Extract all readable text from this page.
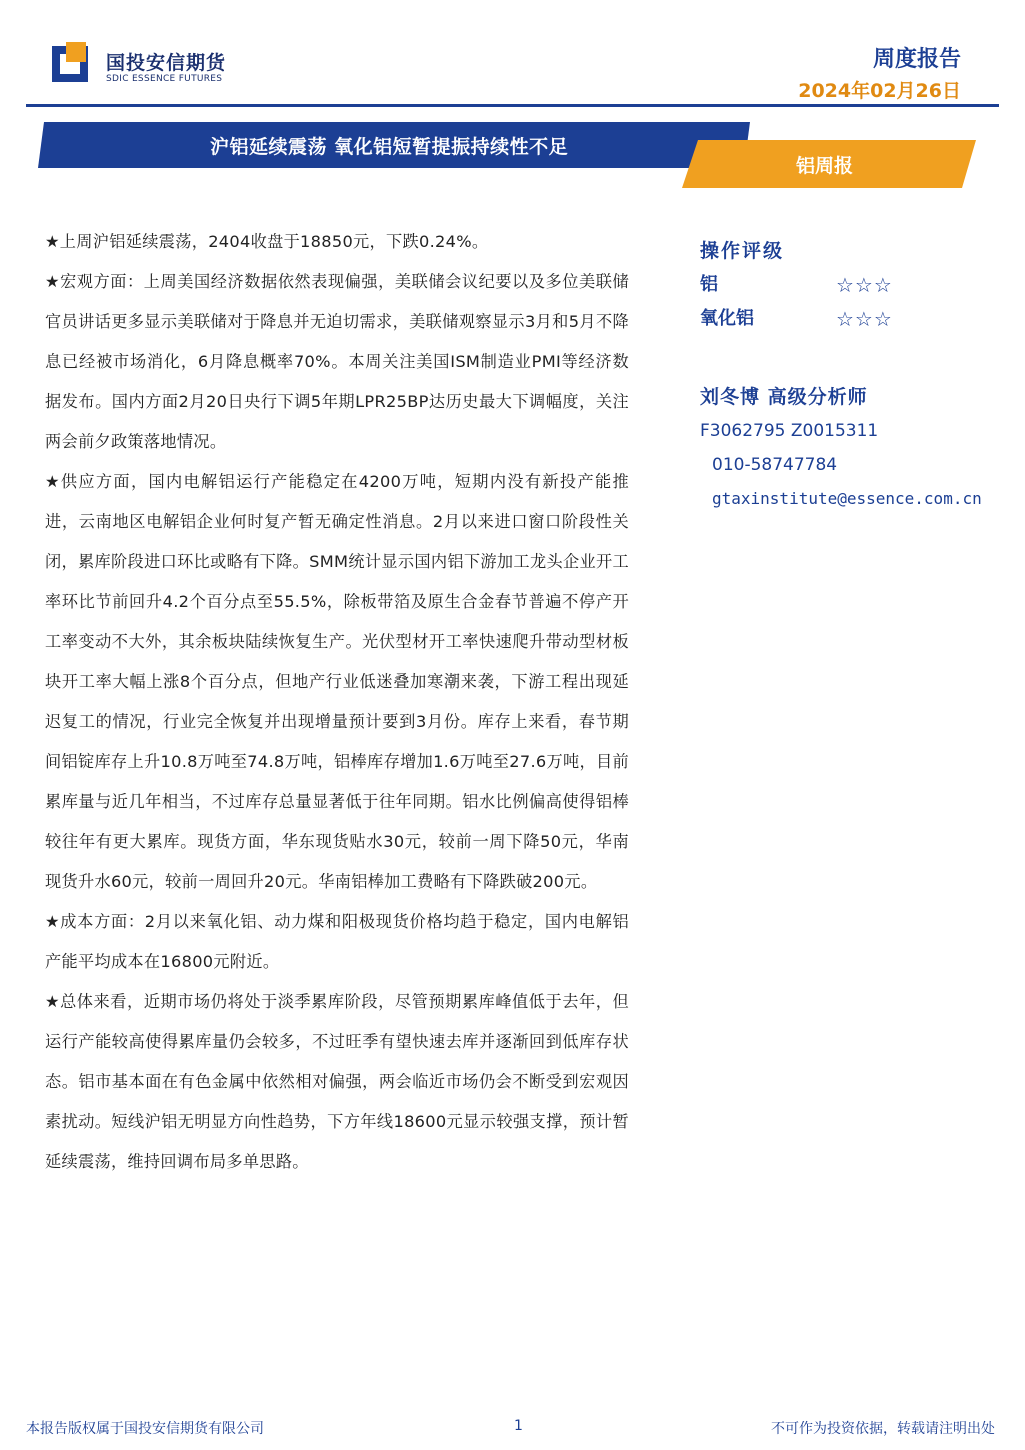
国投安信期货
SDIC ESSENCE FUTURES
周度报告
2024年02月26日
沪铝延续震荡 氧化铝短暂提振持续性不足
铝周报

★上周沪铝延续震荡，2404收盘于18850元，下跌0.24%。

★宏观方面：上周美国经济数据依然表现偏强，美联储会议纪要以及多位美联储官员讲话更多显示美联储对于降息并无迫切需求，美联储观察显示3月和5月不降息已经被市场消化，6月降息概率70%。本周关注美国ISM制造业PMI等经济数据发布。国内方面2月20日央行下调5年期LPR25BP达历史最大下调幅度，关注两会前夕政策落地情况。

★供应方面，国内电解铝运行产能稳定在4200万吨，短期内没有新投产能推进，云南地区电解铝企业何时复产暂无确定性消息。2月以来进口窗口阶段性关闭，累库阶段进口环比或略有下降。SMM统计显示国内铝下游加工龙头企业开工率环比节前回升4.2个百分点至55.5%，除板带箔及原生合金春节普遍不停产开工率变动不大外，其余板块陆续恢复生产。光伏型材开工率快速爬升带动型材板块开工率大幅上涨8个百分点，但地产行业低迷叠加寒潮来袭，下游工程出现延迟复工的情况，行业完全恢复并出现增量预计要到3月份。库存上来看，春节期间铝锭库存上升10.8万吨至74.8万吨，铝棒库存增加1.6万吨至27.6万吨，目前累库量与近几年相当，不过库存总量显著低于往年同期。铝水比例偏高使得铝棒较往年有更大累库。现货方面，华东现货贴水30元，较前一周下降50元，华南现货升水60元，较前一周回升20元。华南铝棒加工费略有下降跌破200元。

★成本方面：2月以来氧化铝、动力煤和阳极现货价格均趋于稳定，国内电解铝产能平均成本在16800元附近。

★总体来看，近期市场仍将处于淡季累库阶段，尽管预期累库峰值低于去年，但运行产能较高使得累库量仍会较多，不过旺季有望快速去库并逐渐回到低库存状态。铝市基本面在有色金属中依然相对偏强，两会临近市场仍会不断受到宏观因素扰动。短线沪铝无明显方向性趋势，下方年线18600元显示较强支撑，预计暂延续震荡，维持回调布局多单思路。

操作评级
铝	☆☆☆
氧化铝	☆☆☆
刘冬博 高级分析师
F3062795 Z0015311
010-58747784
gtaxinstitute@essence.com.cn
本报告版权属于国投安信期货有限公司	1	不可作为投资依据，转载请注明出处
